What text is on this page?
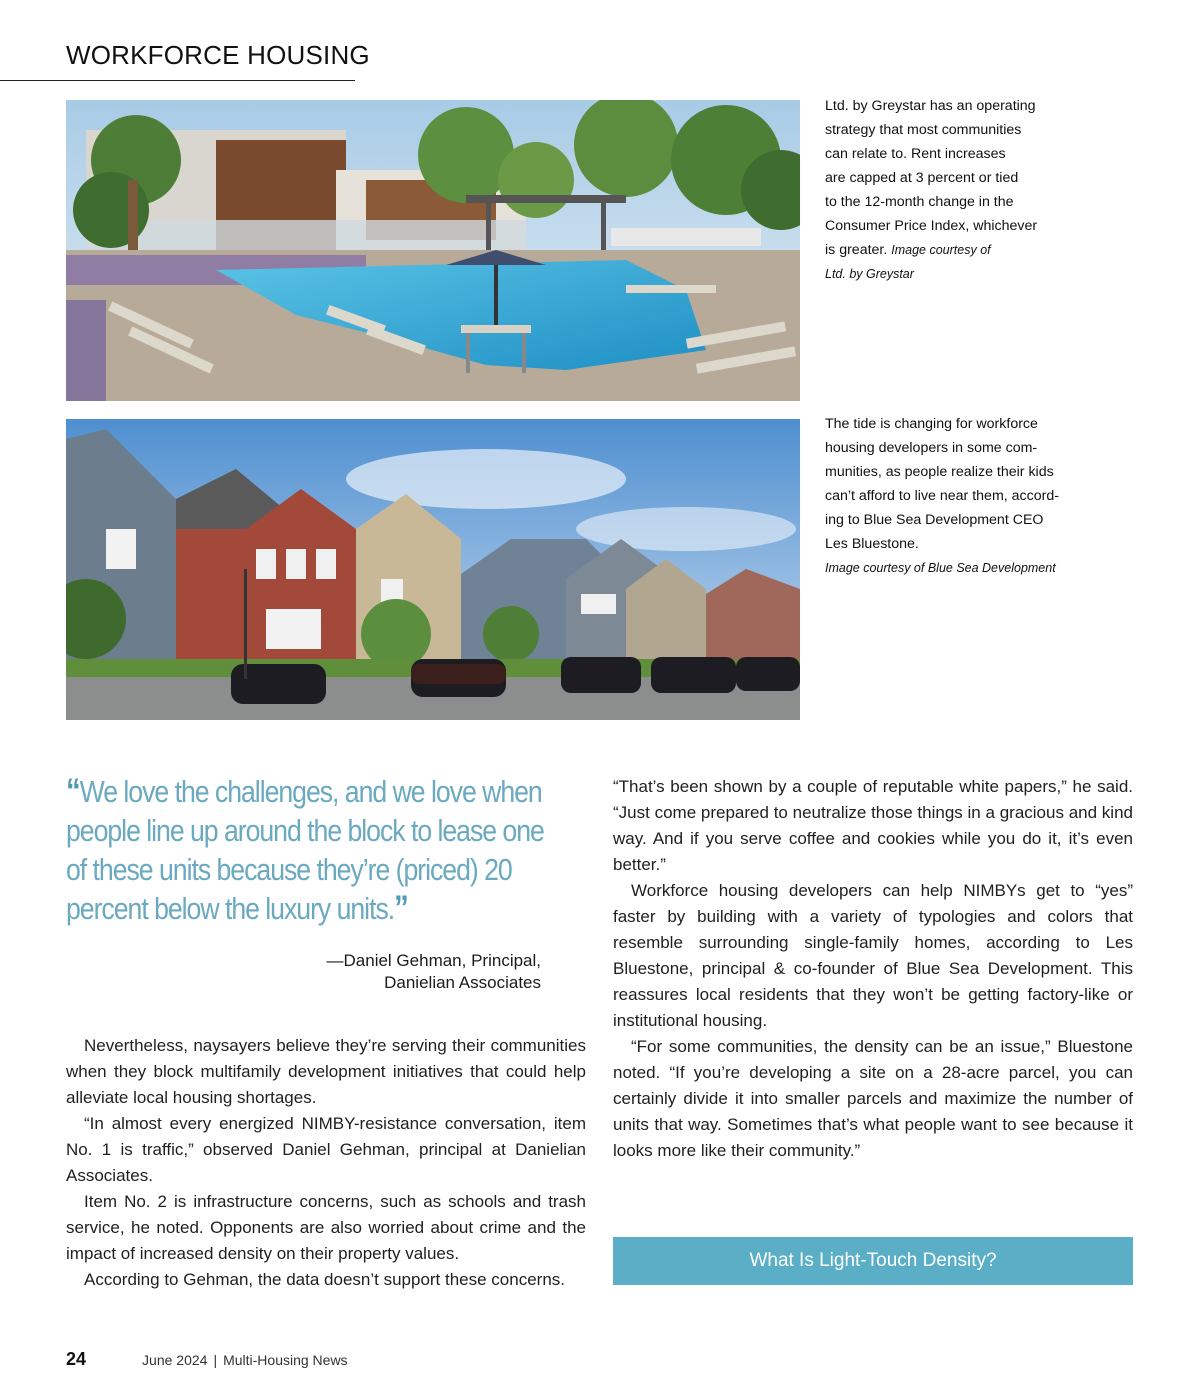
WORKFORCE HOUSING
Ltd. by Greystar has an operating
strategy that most communities
can relate to. Rent increases
are capped at 3 percent or tied
to the 12-month change in the
Consumer Price Index, whichever
is greater. Image courtesy of
Ltd. by Greystar
The tide is changing for workforce
housing developers in some com-
munities, as people realize their kids
can’t afford to live near them, accord-
ing to Blue Sea Development CEO
Les Bluestone.
Image courtesy of Blue Sea Development
“We love the challenges, and we love when people line up around the block to lease one of these units because they’re (priced) 20 percent below the luxury units.”
—Daniel Gehman, Principal,
Danielian Associates

Nevertheless, naysayers believe they’re serving their communities when they block multifamily development initiatives that could help alleviate local housing shortages.

“In almost every energized NIMBY-resistance conversation, item No. 1 is traffic,” observed Daniel Gehman, principal at Danielian Associates.

Item No. 2 is infrastructure concerns, such as schools and trash service, he noted. Opponents are also worried about crime and the impact of increased density on their property values.

According to Gehman, the data doesn’t support these concerns.

“That’s been shown by a couple of reputable white papers,” he said. “Just come prepared to neutralize those things in a gracious and kind way. And if you serve coffee and cookies while you do it, it’s even better.”

Workforce housing developers can help NIMBYs get to “yes” faster by building with a variety of typologies and colors that resemble surrounding single-family homes, according to Les Bluestone, principal & co-founder of Blue Sea Development. This reassures local residents that they won’t be getting factory-like or institutional housing.

“For some communities, the density can be an issue,” Bluestone noted. “If you’re developing a site on a 28-acre parcel, you can certainly divide it into smaller parcels and maximize the number of units that way. Sometimes that’s what people want to see because it looks more like their community.”

What Is Light-Touch Density?
24	June 2024 | Multi-Housing News
